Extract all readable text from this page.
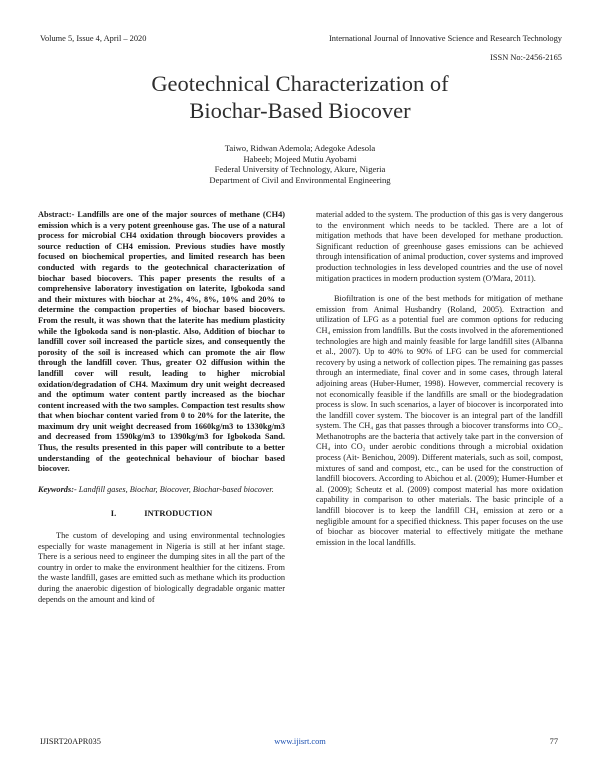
Volume 5, Issue 4, April – 2020	International Journal of Innovative Science and Research Technology
ISSN No:-2456-2165
Geotechnical Characterization of
Biochar-Based Biocover
Taiwo, Ridwan Ademola; Adegoke Adesola
Habeeb; Mojeed Mutiu Ayobami
Federal University of Technology, Akure, Nigeria
Department of Civil and Environmental Engineering

Abstract:- Landfills are one of the major sources of methane (CH4) emission which is a very potent greenhouse gas. The use of a natural process for microbial CH4 oxidation through biocovers provides a source reduction of CH4 emission. Previous studies have mostly focused on biochemical properties, and limited research has been conducted with regards to the geotechnical characterization of biochar based biocovers. This paper presents the results of a comprehensive laboratory investigation on laterite, Igbokoda sand and their mixtures with biochar at 2%, 4%, 8%, 10% and 20% to determine the compaction properties of biochar based biocovers. From the result, it was shown that the laterite has medium plasticity while the Igbokoda sand is non-plastic. Also, Addition of biochar to landfill cover soil increased the particle sizes, and consequently the porosity of the soil is increased which can promote the air flow through the landfill cover. Thus, greater O2 diffusion within the landfill cover will result, leading to higher microbial oxidation/degradation of CH4. Maximum dry unit weight decreased and the optimum water content partly increased as the biochar content increased with the two samples. Compaction test results show that when biochar content varied from 0 to 20% for the laterite, the maximum dry unit weight decreased from 1660kg/m3 to 1330kg/m3 and decreased from 1590kg/m3 to 1390kg/m3 for Igbokoda Sand. Thus, the results presented in this paper will contribute to a better understanding of the geotechnical behaviour of biochar based biocover.

Keywords:- Landfill gases, Biochar, Biocover, Biochar-based biocover.

I.	INTRODUCTION

The custom of developing and using environmental technologies especially for waste management in Nigeria is still at her infant stage. There is a serious need to engineer the dumping sites in all the part of the country in order to make the environment healthier for the citizens. From the waste landfill, gases are emitted such as methane which its production during the anaerobic digestion of biologically degradable organic matter depends on the amount and kind of

material added to the system. The production of this gas is very dangerous to the environment which needs to be tackled. There are a lot of mitigation methods that have been developed for methane production. Significant reduction of greenhouse gases emissions can be achieved through intensification of animal production, cover systems and improved production technologies in less developed countries and the use of novel mitigation practices in modern production system (O'Mara, 2011).

Biofiltration is one of the best methods for mitigation of methane emission from Animal Husbandry (Roland, 2005). Extraction and utilization of LFG as a potential fuel are common options for reducing CH₄ emission from landfills. But the costs involved in the aforementioned technologies are high and mainly feasible for large landfill sites (Albanna et al., 2007). Up to 40% to 90% of LFG can be used for commercial recovery by using a network of collection pipes. The remaining gas passes through an intermediate, final cover and in some cases, through lateral adjoining areas (Huber-Humer, 1998). However, commercial recovery is not economically feasible if the landfills are small or the biodegradation process is slow. In such scenarios, a layer of biocover is incorporated into the landfill cover system. The biocover is an integral part of the landfill system. The CH₄ gas that passes through a biocover transforms into CO₂. Methanotrophs are the bacteria that actively take part in the conversion of CH₄ into CO₂ under aerobic conditions through a microbial oxidation process (Ait- Benichou, 2009). Different materials, such as soil, compost, mixtures of sand and compost, etc., can be used for the construction of landfill biocovers. According to Abichou et al. (2009); Humer-Humber et al. (2009); Scheutz et al. (2009) compost material has more oxidation capability in comparison to other materials. The basic principle of a landfill biocover is to keep the landfill CH₄ emission at zero or a negligible amount for a specified thickness. This paper focuses on the use of biochar as biocover material to effectively mitigate the methane emission in the local landfills.

IJISRT20APR035	www.ijisrt.com	77
